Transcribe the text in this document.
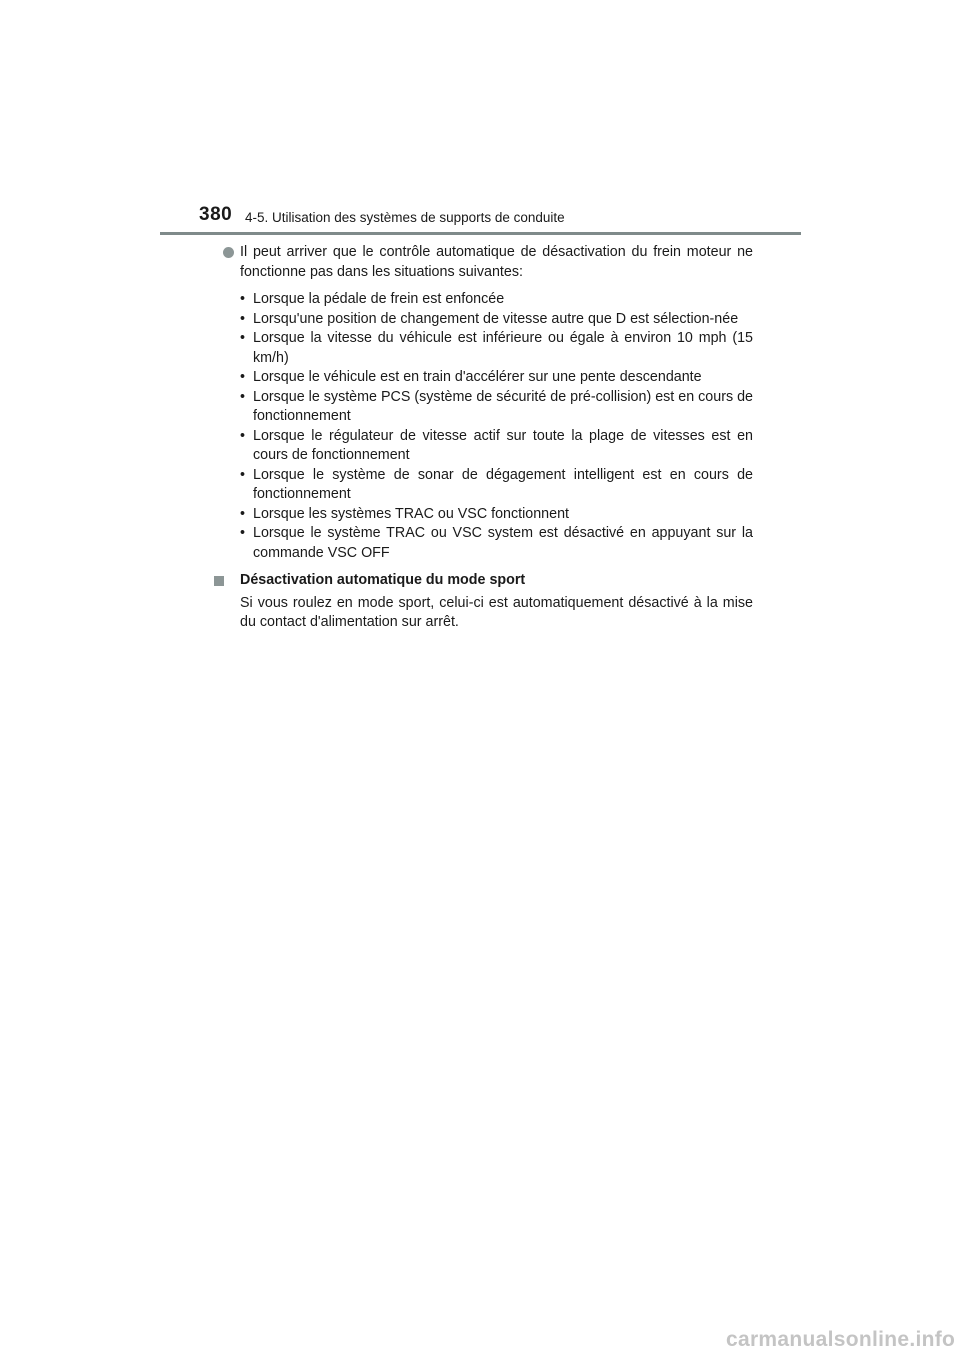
380 4-5. Utilisation des systèmes de supports de conduite
Il peut arriver que le contrôle automatique de désactivation du frein moteur ne fonctionne pas dans les situations suivantes:
• Lorsque la pédale de frein est enfoncée
• Lorsqu'une position de changement de vitesse autre que D est sélection-née
• Lorsque la vitesse du véhicule est inférieure ou égale à environ 10 mph (15 km/h)
• Lorsque le véhicule est en train d'accélérer sur une pente descendante
• Lorsque le système PCS (système de sécurité de pré-collision) est en cours de fonctionnement
• Lorsque le régulateur de vitesse actif sur toute la plage de vitesses est en cours de fonctionnement
• Lorsque le système de sonar de dégagement intelligent est en cours de fonctionnement
• Lorsque les systèmes TRAC ou VSC fonctionnent
• Lorsque le système TRAC ou VSC system est désactivé en appuyant sur la commande VSC OFF
Désactivation automatique du mode sport
Si vous roulez en mode sport, celui-ci est automatiquement désactivé à la mise du contact d'alimentation sur arrêt.
carmanualsonline.info
